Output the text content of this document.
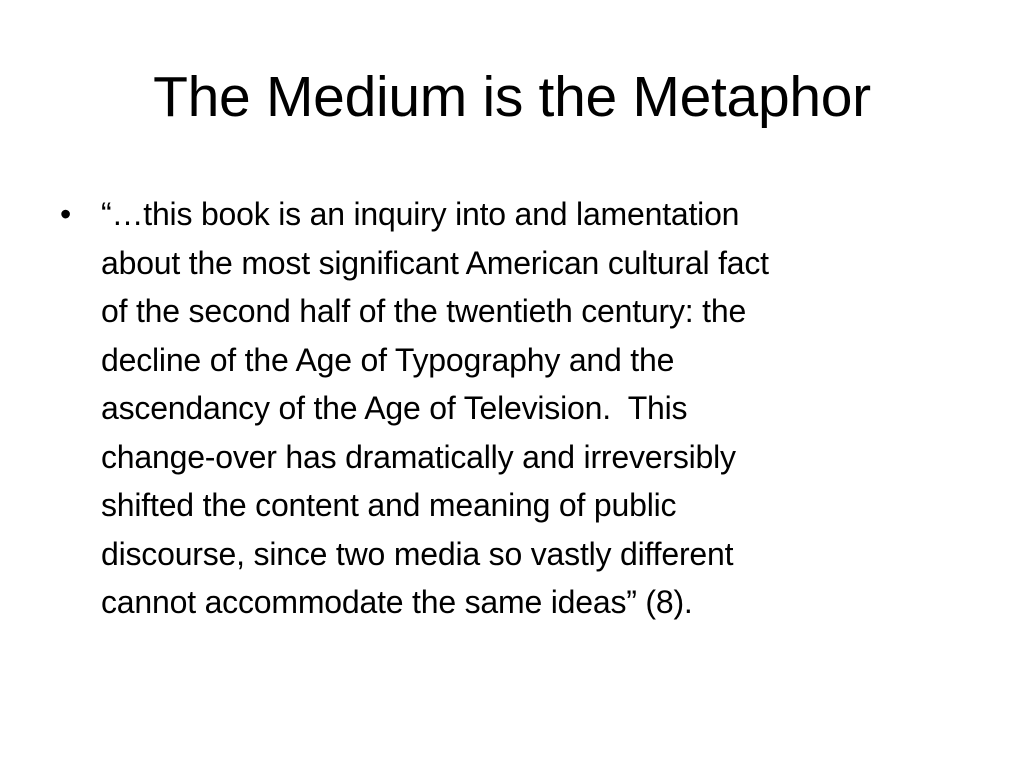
The Medium is the Metaphor
• “…this book is an inquiry into and lamentation
about the most significant American cultural fact
of the second half of the twentieth century: the
decline of the Age of Typography and the
ascendancy of the Age of Television.  This
change-over has dramatically and irreversibly
shifted the content and meaning of public
discourse, since two media so vastly different
cannot accommodate the same ideas” (8).
